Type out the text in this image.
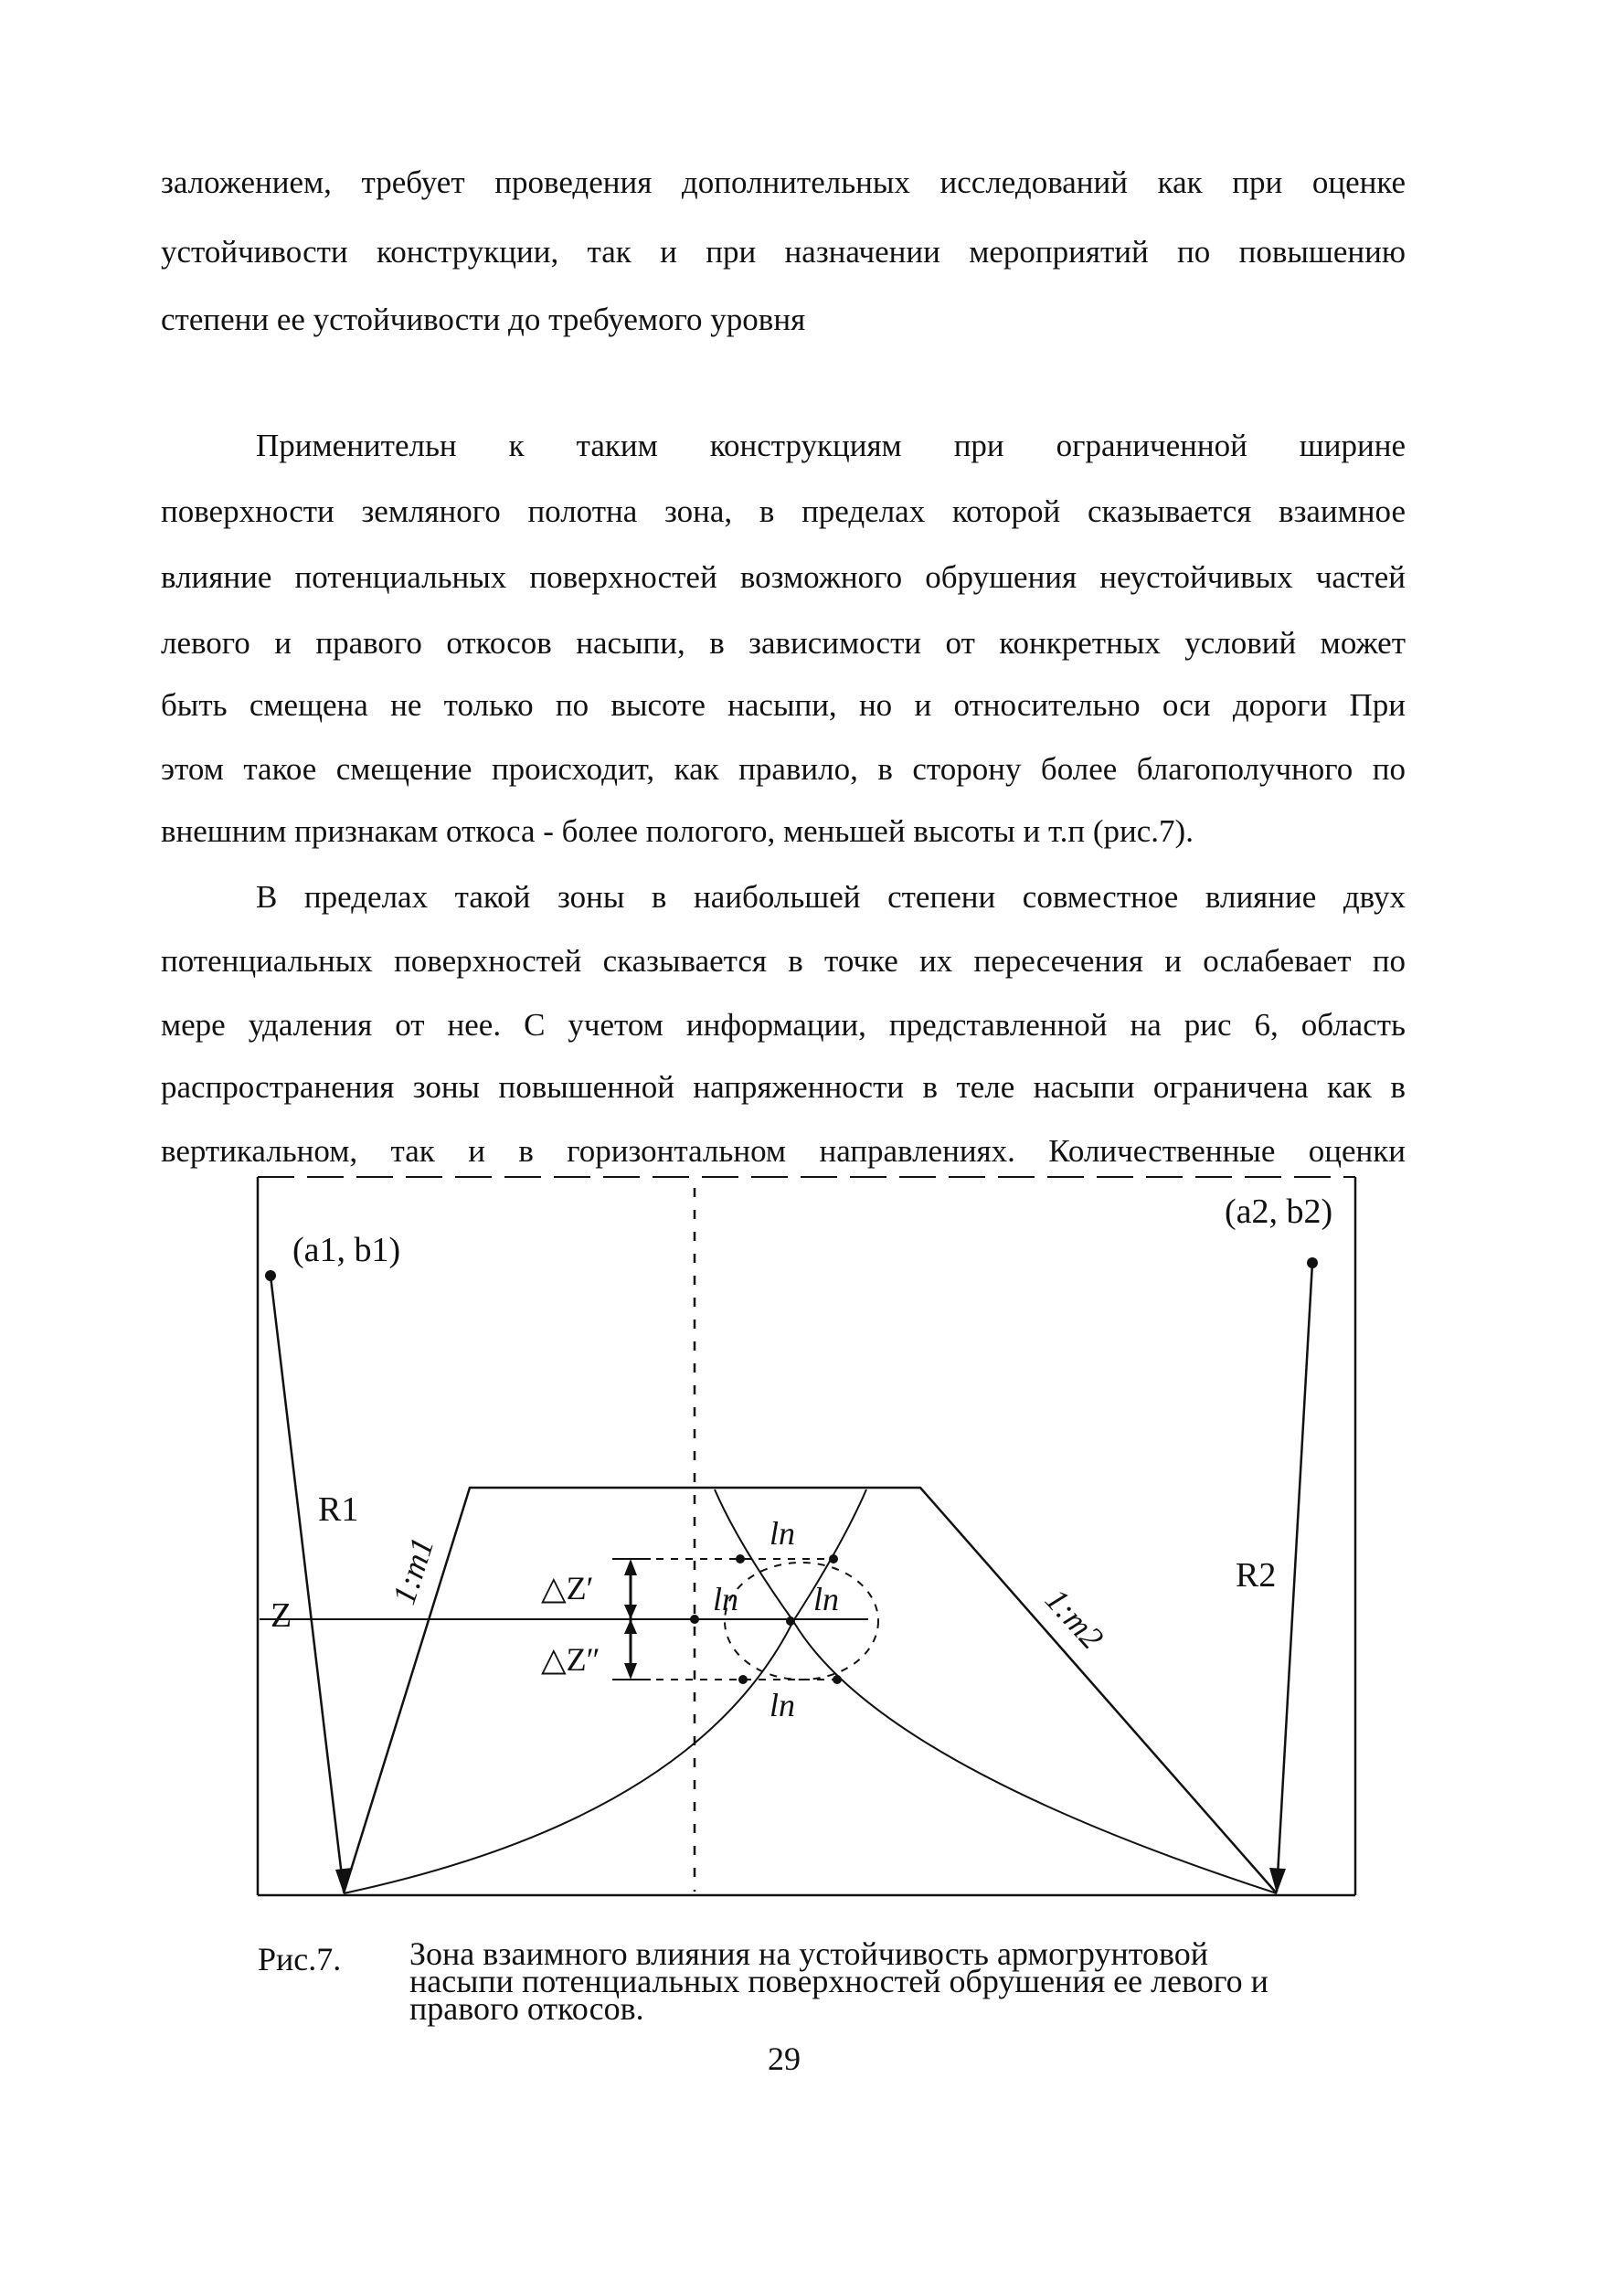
заложением, требует проведения дополнительных исследований как при оценке
устойчивости конструкции, так и при назначении мероприятий по повышению
степени ее устойчивости до требуемого уровня
Применительн к таким конструкциям при ограниченной ширине
поверхности земляного полотна зона, в пределах которой сказывается взаимное
влияние потенциальных поверхностей возможного обрушения неустойчивых частей
левого и правого откосов насыпи, в зависимости от конкретных условий может
быть смещена не только по высоте насыпи, но и относительно оси дороги При
этом такое смещение происходит, как правило, в сторону более благополучного по
внешним признакам откоса - более пологого, меньшей высоты и т.п (рис.7).
В пределах такой зоны в наибольшей степени совместное влияние двух
потенциальных поверхностей сказывается в точке их пересечения и ослабевает по
мере удаления от нее. С учетом информации, представленной на рис 6, область
распространения зоны повышенной напряженности в теле насыпи ограничена как в
вертикальном, так и в горизонтальном направлениях. Количественные оценки
(a1, b1)
(a2, b2)
R1
R2
Z
1:m1
1:m2
△Z′
△Z″
ln
ln ln
ln
Рис.7. Зона взаимного влияния на устойчивость армогрунтовой
насыпи потенциальных поверхностей обрушения ее левого и
правого откосов.
29
